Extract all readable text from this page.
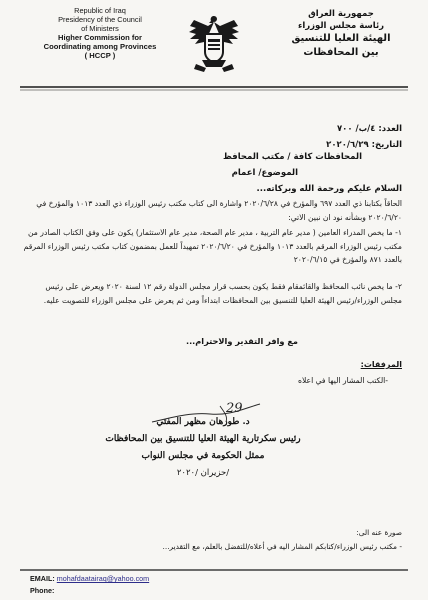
Republic of Iraq
Presidency of the Council
of Ministers
Higher Commission for
Coordinating among Provinces
( HCCP )
جمهورية العراق
رئاسة مجلس الوزراء
الهيئة العليا للتنسيق
بين المحافظات
العدد: ٤/ب/ ٧٠٠
التاريخ: ٢٠٢٠/٦/٢٩
المحافظات كافة / مكتب المحافظ
الموضوع/ اعمام
السلام عليكم ورحمة الله وبركاته...
الحاقاً بكتابنا ذي العدد ٦٩٧ والمؤرخ في ٢٠٢٠/٦/٢٨ واشارة الى كتاب مكتب رئيس الوزراء ذي العدد ١٠١٣ والمؤرخ في ٢٠٢٠/٦/٢٠ وبشأنه نود ان نبين الاتي:
١- ما يخص المدراء العامين ( مدير عام التربية ، مدير عام الصحة، مدير عام الاستثمار) يكون على وفق الكتاب الصادر من مكتب رئيس الوزراء المرقم بالعدد ١٠١٣ والمؤرخ في ٢٠٢٠/٦/٢٠ تمهيداً للعمل بمضمون كتاب مكتب رئيس الوزراء المرقم بالعدد ٨٧١ والمؤرخ في ٢٠٢٠/٦/١٥
٢- ما يخص نائب المحافظ والقائمقام فقط يكون بحسب قرار مجلس الدولة رقم ١٢ لسنة ٢٠٢٠ ويعرض على رئيس مجلس الوزراء/رئيس الهيئة العليا للتنسيق بين المحافظات ابتداءاً ومن ثم يعرض على مجلس الوزراء للتصويت عليه.
مع وافر التقدير والاحترام...
المرفقات:
-الكتب المشار اليها في اعلاه
29
د. طورهان مظهر المفتي
رئيس سكرتارية الهيئة العليا للتنسيق بين المحافظات
ممثل الحكومة في مجلس النواب
/حزيران /٢٠٢٠
صورة عنه الى:
- مكتب رئيس الوزراء/كتابكم المشار اليه في أعلاه/للتفضل بالعلم، مع التقدير...
EMAIL: mohafdaatairaq@yahoo.com
Phone:
